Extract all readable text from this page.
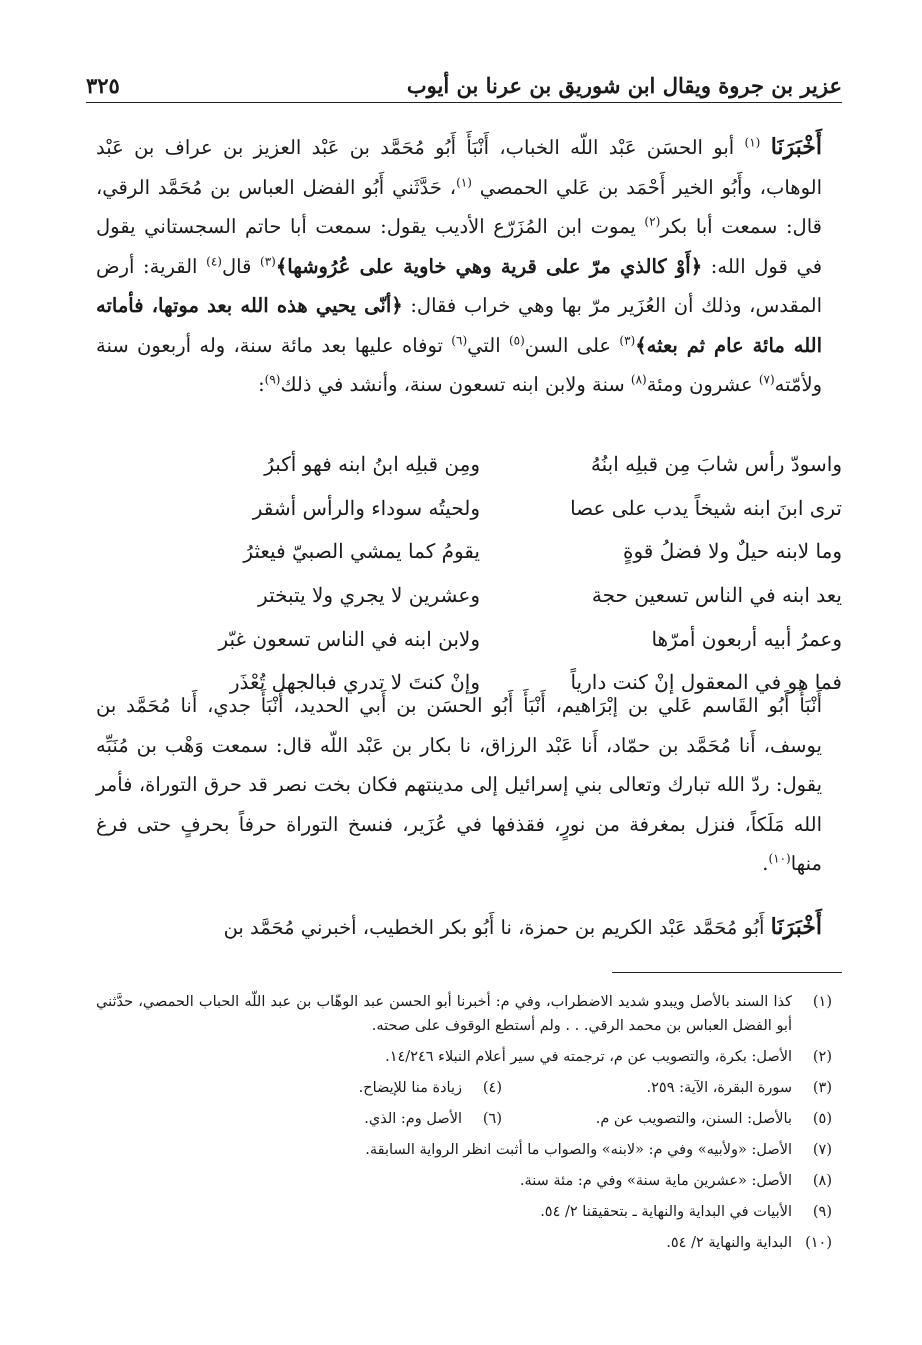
عزير بن جروة ويقال ابن شوريق بن عرنا بن أيوب
٣٢٥
أَخْبَرَنَا $^{(١)}$ أبو الحسَن عَبْد اللّه الخباب، أَنْبَأَ أَبُو مُحَمَّد بن عَبْد العزيز بن عراف بن عَبْد الوهاب، وأَبُو الخير أَحْمَد بن عَلي الحمصي $^{(١)}$، حَدَّثَني أَبُو الفضل العباس بن مُحَمَّد الرقي، قال: سمعت أبا بكر$^{(٢)}$ يموت ابن المُزَرّع الأديب يقول: سمعت أبا حاتم السجستاني يقول في قول الله: ﴿أَوْ كالذي مرّ على قرية وهي خاوية على عُرُوشها﴾$^{(٣)}$ قال$^{(٤)}$ القرية: أرض المقدس، وذلك أن العُزَير مرّ بها وهي خراب فقال: ﴿أنّى يحيي هذه الله بعد موتها، فأماته الله مائة عام ثم بعثه﴾$^{(٣)}$ على السن$^{(٥)}$ التي$^{(٦)}$ توفاه عليها بعد مائة سنة، وله أربعون سنة ولأمّته$^{(٧)}$ عشرون ومئة$^{(٨)}$ سنة ولابن ابنه تسعون سنة، وأنشد في ذلك$^{(٩)}$:
واسودّ رأس شابَ مِن قبلِه ابنُهُ
ومِن قبلِه ابنُ ابنه فهو أكبرُ
ترى ابنَ ابنه شيخاً يدب على عصا
ولحيتُه سوداء والرأس أشقر
وما لابنه حيلٌ ولا فضلُ قوةٍ
يقومُ كما يمشي الصبيّ فيعثرُ
يعد ابنه في الناس تسعين حجة
وعشرين لا يجري ولا يتبختر
وعمرُ أبيه أربعون أمرّها
ولابن ابنه في الناس تسعون غبّر
فما هو في المعقول إنْ كنت دارياً
وإنْ كنتَ لا تدري فبالجهل تُعْذَر
أَنْبَأَ أَبُو القَاسم عَلي بن إبْرَاهيم، أَنْبَأَ أَبُو الحسَن بن أَبي الحديد، أَنْبَأَ جدي، أَنا مُحَمَّد بن يوسف، أَنا مُحَمَّد بن حمّاد، أَنا عَبْد الرزاق، نا بكار بن عَبْد اللّه قال: سمعت وَهْب بن مُنَبِّه يقول: ردّ الله تبارك وتعالى بني إسرائيل إلى مدينتهم فكان بخت نصر قد حرق التوراة، فأمر الله مَلَكاً، فنزل بمغرفة من نورٍ، فقذفها في عُزَير، فنسخ التوراة حرفاً بحرفٍ حتى فرغ منها$^{(١٠)}$.
أَخْبَرَنَا أَبُو مُحَمَّد عَبْد الكريم بن حمزة، نا أَبُو بكر الخطيب، أخبرني مُحَمَّد بن
(١)
كذا السند بالأصل ويبدو شديد الاضطراب، وفي م: أخبرنا أبو الحسن عبد الوهّاب بن عبد اللّه الحباب الحمصي، حدَّثني أبو الفضل العباس بن محمد الرقي. . . ولم أستطع الوقوف على صحته.
(٢)
الأصل: بكرة، والتصويب عن م، ترجمته في سير أعلام النبلاء ١٤/٢٤٦.
(٣)
سورة البقرة، الآية: ٢٥٩.
(٤)
زيادة منا للإيضاح.
(٥)
بالأصل: السنن، والتصويب عن م.
(٦)
الأصل وم: الذي.
(٧)
الأصل: «ولأبيه» وفي م: «لابنه» والصواب ما أثبت انظر الرواية السابقة.
(٨)
الأصل: «عشرين ماية سنة» وفي م: مئة سنة.
(٩)
الأبيات في البداية والنهاية ـ بتحقيقنا ٢/ ٥٤.
(١٠)
البداية والنهاية ٢/ ٥٤.
